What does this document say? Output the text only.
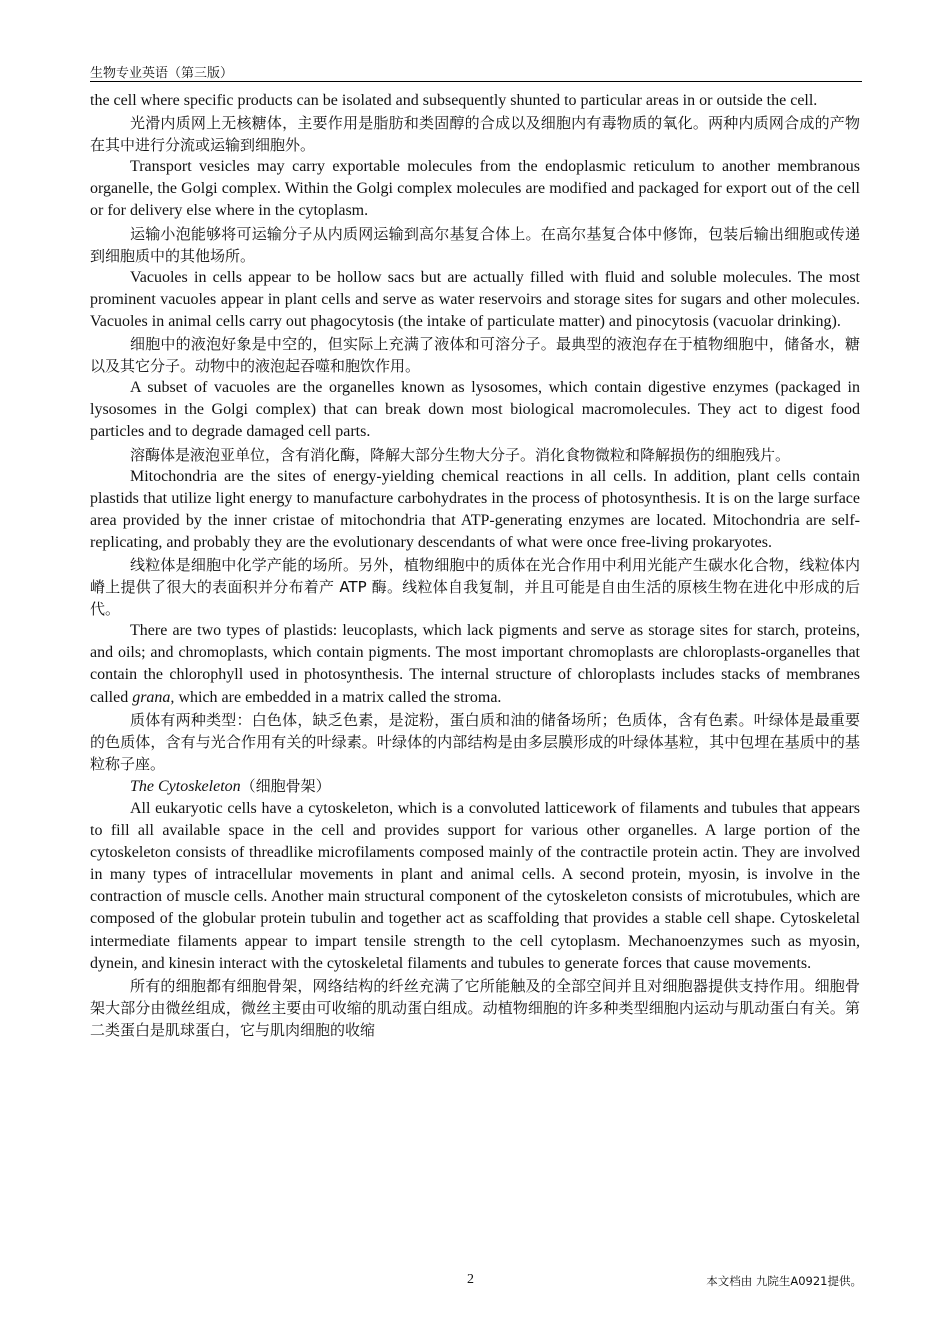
生物专业英语（第三版）

the cell where specific products can be isolated and subsequently shunted to particular areas in or outside the cell.

光滑内质网上无核糖体，主要作用是脂肪和类固醇的合成以及细胞内有毒物质的氧化。两种内质网合成的产物在其中进行分流或运输到细胞外。

Transport vesicles may carry exportable molecules from the endoplasmic reticulum to another membranous organelle, the Golgi complex. Within the Golgi complex molecules are modified and packaged for export out of the cell or for delivery else where in the cytoplasm.

运输小泡能够将可运输分子从内质网运输到高尔基复合体上。在高尔基复合体中修饰，包装后输出细胞或传递到细胞质中的其他场所。

Vacuoles in cells appear to be hollow sacs but are actually filled with fluid and soluble molecules. The most prominent vacuoles appear in plant cells and serve as water reservoirs and storage sites for sugars and other molecules. Vacuoles in animal cells carry out phagocytosis (the intake of particulate matter) and pinocytosis (vacuolar drinking).

细胞中的液泡好象是中空的，但实际上充满了液体和可溶分子。最典型的液泡存在于植物细胞中，储备水，糖以及其它分子。动物中的液泡起吞噬和胞饮作用。

A subset of vacuoles are the organelles known as lysosomes, which contain digestive enzymes (packaged in lysosomes in the Golgi complex) that can break down most biological macromolecules. They act to digest food particles and to degrade damaged cell parts.

溶酶体是液泡亚单位，含有消化酶，降解大部分生物大分子。消化食物微粒和降解损伤的细胞残片。

Mitochondria are the sites of energy-yielding chemical reactions in all cells. In addition, plant cells contain plastids that utilize light energy to manufacture carbohydrates in the process of photosynthesis. It is on the large surface area provided by the inner cristae of mitochondria that ATP-generating enzymes are located. Mitochondria are self-replicating, and probably they are the evolutionary descendants of what were once free-living prokaryotes.

线粒体是细胞中化学产能的场所。另外，植物细胞中的质体在光合作用中利用光能产生碳水化合物，线粒体内嵴上提供了很大的表面积并分布着产 ATP 酶。线粒体自我复制，并且可能是自由生活的原核生物在进化中形成的后代。

There are two types of plastids: leucoplasts, which lack pigments and serve as storage sites for starch, proteins, and oils; and chromoplasts, which contain pigments. The most important chromoplasts are chloroplasts-organelles that contain the chlorophyll used in photosynthesis. The internal structure of chloroplasts includes stacks of membranes called grana, which are embedded in a matrix called the stroma.

质体有两种类型：白色体，缺乏色素，是淀粉，蛋白质和油的储备场所；色质体，含有色素。叶绿体是最重要的色质体，含有与光合作用有关的叶绿素。叶绿体的内部结构是由多层膜形成的叶绿体基粒，其中包埋在基质中的基粒称子座。

The Cytoskeleton（细胞骨架）

All eukaryotic cells have a cytoskeleton, which is a convoluted latticework of filaments and tubules that appears to fill all available space in the cell and provides support for various other organelles. A large portion of the cytoskeleton consists of threadlike microfilaments composed mainly of the contractile protein actin. They are involved in many types of intracellular movements in plant and animal cells. A second protein, myosin, is involve in the contraction of muscle cells. Another main structural component of the cytoskeleton consists of microtubules, which are composed of the globular protein tubulin and together act as scaffolding that provides a stable cell shape. Cytoskeletal intermediate filaments appear to impart tensile strength to the cell cytoplasm. Mechanoenzymes such as myosin, dynein, and kinesin interact with the cytoskeletal filaments and tubules to generate forces that cause movements.

所有的细胞都有细胞骨架，网络结构的纤丝充满了它所能触及的全部空间并且对细胞器提供支持作用。细胞骨架大部分由微丝组成，微丝主要由可收缩的肌动蛋白组成。动植物细胞的许多种类型细胞内运动与肌动蛋白有关。第二类蛋白是肌球蛋白，它与肌肉细胞的收缩

2	本文档由 九院生A0921提供。
